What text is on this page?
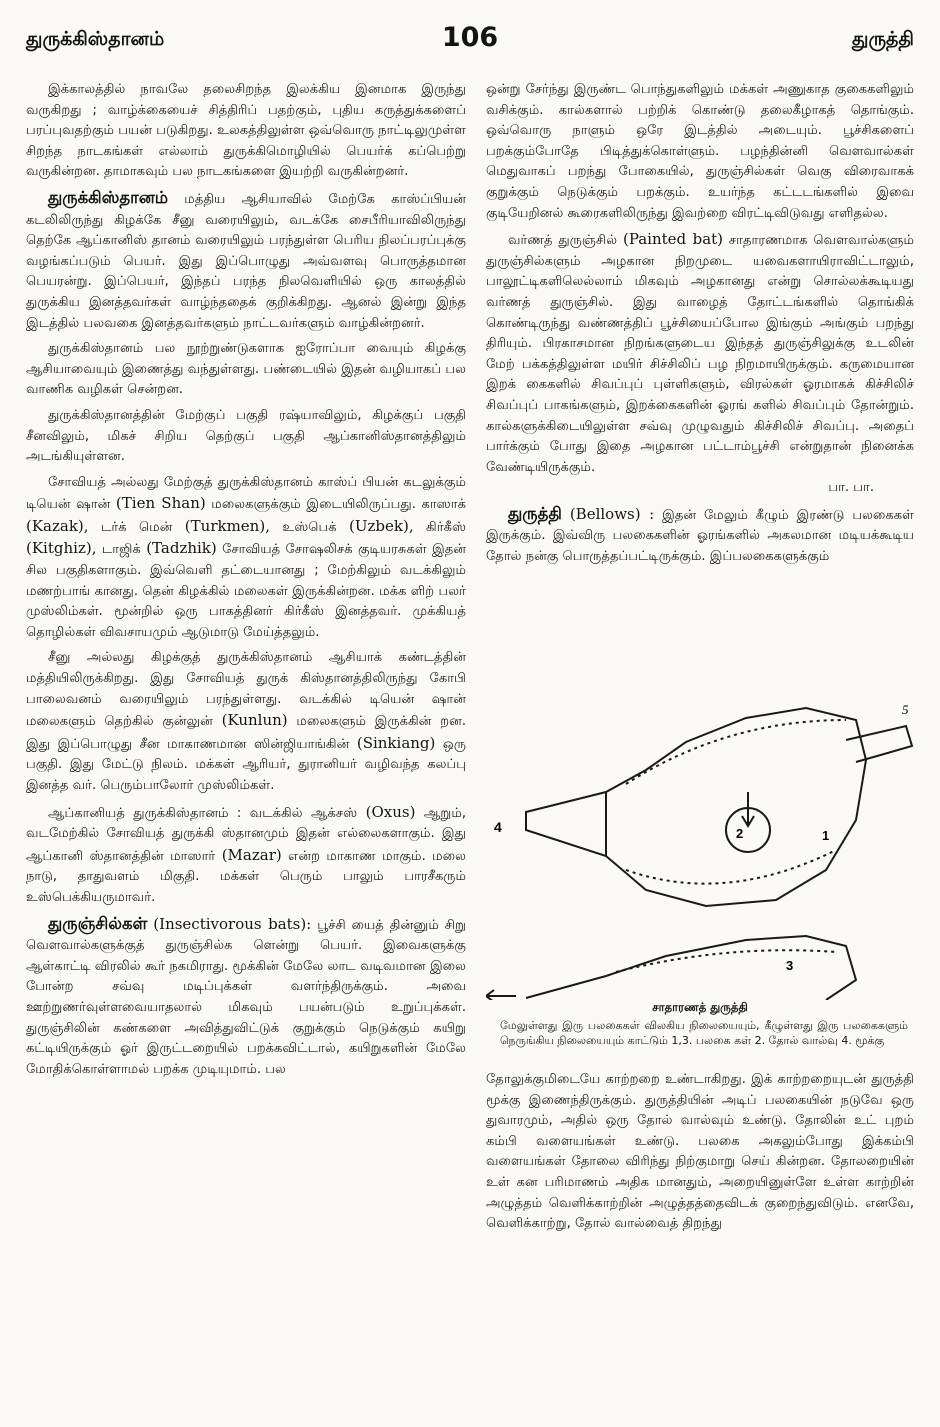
துருக்கிஸ்தானம்	106	துருத்தி

இக்காலத்தில் நாவலே தலைசிறந்த இலக்கிய இனமாக இருந்து வருகிறது ; வாழ்க்கையைச் சித்திரிப் பதற்கும், புதிய கருத்துக்களைப் பரப்புவதற்கும் பயன் படுகிறது. உலகத்திலுள்ள ஒவ்வொரு நாட்டிலுமுள்ள சிறந்த நாடகங்கள் எல்லாம் துருக்கிமொழியில் பெயர்க் கப்பெற்று வருகின்றன. தாமாகவும் பல நாடகங்களை இயற்றி வருகின்றனர்.

துருக்கிஸ்தானம் மத்திய ஆசியாவில் மேற்கே காஸ்ப்பியன் கடலிலிருந்து கிழக்கே சீனு வரையிலும், வடக்கே சைபீரியாவிலிருந்து தெற்கே ஆப்கானிஸ் தானம் வரையிலும் பரந்துள்ள பெரிய நிலப்பரப்புக்கு வழங்கப்படும் பெயர். இது இப்பொழுது அவ்வளவு பொருத்தமான பெயரன்று. இப்பெயர், இந்தப் பரந்த நிலவெளியில் ஒரு காலத்தில் துருக்கிய இனத்தவர்கள் வாழ்ந்ததைக் குறிக்கிறது. ஆனல் இன்று இந்த இடத்தில் பலவகை இனத்தவர்களும் நாட்டவர்களும் வாழ்கின்றனர்.

துருக்கிஸ்தானம் பல நூற்றுண்டுகளாக ஐரோப்பா வையும் கிழக்கு ஆசியாவையும் இணைத்து வந்துள்ளது. பண்டையில் இதன் வழியாகப் பல வாணிக வழிகள் சென்றன.

துருக்கிஸ்தானத்தின் மேற்குப் பகுதி ரஷ்யாவிலும், கிழக்குப் பகுதி சீனவிலும், மிகச் சிறிய தெற்குப் பகுதி ஆப்கானிஸ்தானத்திலும் அடங்கியுள்ளன.

சோவியத் அல்லது மேற்குத் துருக்கிஸ்தானம் காஸ்ப் பியன் கடலுக்கும் டியென் ஷான் (Tien Shan) மலைகளுக்கும் இடையிலிருப்பது. காஸாக் (Kazak), டர்க் மென் (Turkmen), உஸ்பெக் (Uzbek), கிர்கீஸ் (Kitghiz), டாஜிக் (Tadzhik) சோவியத் சோஷலிசக் குடியரசுகள் இதன் சில பகுதிகளாகும். இவ்வெளி தட்டையானது ; மேற்கிலும் வடக்கிலும் மணற்பாங் கானது. தென் கிழக்கில் மலைகள் இருக்கின்றன. மக்க ளிற் பலர் முஸ்லிம்கள். மூன்றில் ஒரு பாகத்தினர் கிர்கீஸ் இனத்தவர். முக்கியத் தொழில்கள் விவசாயமும் ஆடுமாடு மேய்த்தலும்.

சீனு அல்லது கிழக்குத் துருக்கிஸ்தானம் ஆசியாக் கண்டத்தின் மத்தியிலிருக்கிறது. இது சோவியத் துருக் கிஸ்தானத்திலிருந்து கோபி பாலைவனம் வரையிலும் பரந்துள்ளது. வடக்கில் டியென் ஷான் மலைகளும் தெற்கில் குன்லுன் (Kunlun) மலைகளும் இருக்கின் றன. இது இப்பொழுது சீன மாகாணமான ஸின்ஜியாங்கின் (Sinkiang) ஒரு பகுதி. இது மேட்டு நிலம். மக்கள் ஆரியர், துரானியர் வழிவந்த கலப்பு இனத்த வர். பெரும்பாலோர் முஸ்லிம்கள்.

ஆப்கானியத் துருக்கிஸ்தானம் : வடக்கில் ஆக்சஸ் (Oxus) ஆறும், வடமேற்கில் சோவியத் துருக்கி ஸ்தானமும் இதன் எல்லைகளாகும். இது ஆப்கானி ஸ்தானத்தின் மாஸார் (Mazar) என்ற மாகாண மாகும். மலை நாடு, தாதுவளம் மிகுதி. மக்கள் பெரும் பாலும் பாரசீகரும் உஸ்பெக்கியருமாவர்.

துருஞ்சில்கள் (Insectivorous bats): பூச்சி யைத் தின்னும் சிறு வெளவால்களுக்குத் துருஞ்சில்க ளென்று பெயர். இவைகளுக்கு ஆள்காட்டி விரலில் கூர் நகமிராது. மூக்கின் மேலே லாட வடிவமான இலை போன்ற சவ்வு மடிப்புக்கள் வளர்ந்திருக்கும். அவை ஊற்றுணர்வுள்ளவையாதலால் மிகவும் பயன்படும் உறுப்புக்கள். துருஞ்சிலின் கண்களை அவித்துவிட்டுக் குறுக்கும் நெடுக்கும் கயிறு கட்டியிருக்கும் ஓர் இருட்டறையில் பறக்கவிட்டால், கயிறுகளின் மேலே மோதிக்கொள்ளாமல் பறக்க முடியுமாம். பல

ஒன்று சேர்ந்து இருண்ட பொந்துகளிலும் மக்கள் அணுகாத குகைகளிலும் வசிக்கும். கால்களால் பற்றிக் கொண்டு தலைகீழாகத் தொங்கும். ஒவ்வொரு நாளும் ஒரே இடத்தில் அடையும். பூச்சிகளைப் பறக்கும்போதே பிடித்துக்கொள்ளும். பழந்தின்னி வெளவால்கள் மெதுவாகப் பறந்து போகையில், துருஞ்சில்கள் வெகு விரைவாகக் குறுக்கும் நெடுக்கும் பறக்கும். உயர்ந்த கட்டடங்களில் இவை குடியேறினல் கூரைகளிலிருந்து இவற்றை விரட்டிவிடுவது எளிதல்ல.

வர்ணத் துருஞ்சில் (Painted bat) சாதாரணமாக வெளவால்களும் துருஞ்சில்களும் அழகான நிறமுடை யவைகளாயிராவிட்டாலும், பாலூட்டிகளிலெல்லாம் மிகவும் அழகானது என்று சொல்லக்கூடியது வர்ணத் துருஞ்சில். இது வாழைத் தோட்டங்களில் தொங்கிக் கொண்டிருந்து வண்ணத்திப் பூச்சியைப்போல இங்கும் அங்கும் பறந்து திரியும். பிரகாசமான நிறங்களுடைய இந்தத் துருஞ்சிலுக்கு உடலின் மேற் பக்கத்திலுள்ள மயிர் சிச்சிலிப் பழ நிறமாயிருக்கும். கருமையான இறக் கைகளில் சிவப்புப் புள்ளிகளும், விரல்கள் ஓரமாகக் கிச்சிலிச் சிவப்புப் பாகங்களும், இறக்கைகளின் ஓரங் களில் சிவப்பும் தோன்றும். கால்களுக்கிடையிலுள்ள சவ்வு முழுவதும் கிச்சிலிச் சிவப்பு. அதைப் பார்க்கும் போது இதை அழகான பட்டாம்பூச்சி என்றுதான் நினைக்க வேண்டியிருக்கும்.
பா. பா.

துருத்தி (Bellows) : இதன் மேலும் கீழும் இரண்டு பலகைகள் இருக்கும். இவ்விரு பலகைகளின் ஓரங்களில் அகலமான மடியக்கூடிய தோல் நன்கு பொருத்தப்பட்டிருக்கும். இப்பலகைகளுக்கும்

4	2	1
3
5
சாதாரணத் துருத்தி
மேலுள்ளது இரு பலகைகள் விலகிய நிலையையும், கீழுள்ளது இரு பலகைகளும் நெருங்கிய நிலையையும் காட்டும் 1,3. பலகை கள் 2. தோல் வால்வு 4. மூக்கு

தோலுக்குமிடையே காற்றறை உண்டாகிறது. இக் காற்றறையுடன் துருத்தி மூக்கு இணைந்திருக்கும். துருத்தியின் அடிப் பலகையின் நடுவே ஒரு துவாரமும், அதில் ஒரு தோல் வால்வும் உண்டு. தோலின் உட் புறம் கம்பி வளையங்கள் உண்டு. பலகை அகலும்போது இக்கம்பி வளையங்கள் தோலை விரிந்து நிற்குமாறு செய் கின்றன. தோலறையின் உள் கன பரிமாணம் அதிக மானதும், அறையினுள்ளே உள்ள காற்றின் அழுத்தம் வெளிக்காற்றின் அழுத்தத்தைவிடக் குறைந்துவிடும். எனவே, வெளிக்காற்று, தோல் வால்வைத் திறந்து
